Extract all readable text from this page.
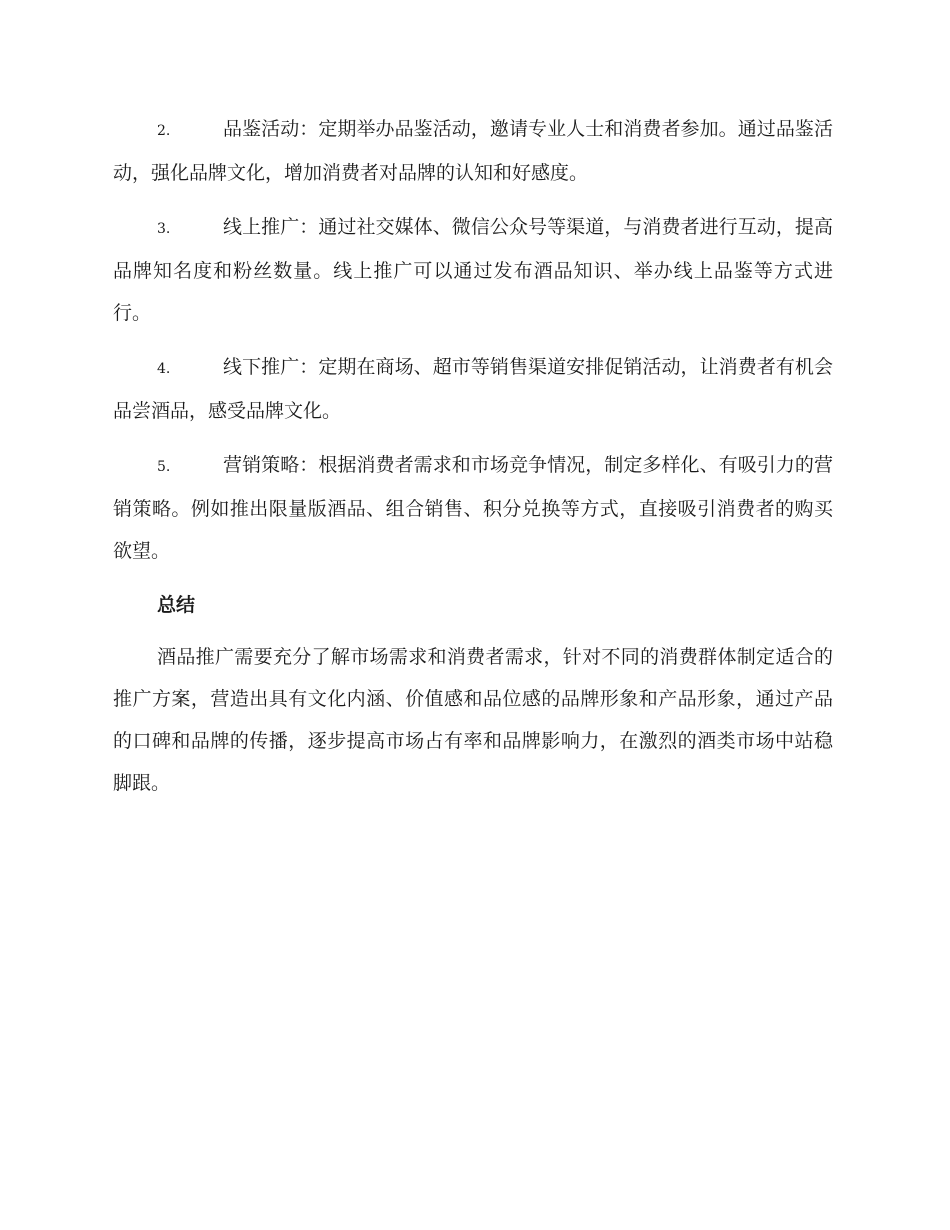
2.	品鉴活动：定期举办品鉴活动，邀请专业人士和消费者参加。通过品鉴活动，强化品牌文化，增加消费者对品牌的认知和好感度。

3.	线上推广：通过社交媒体、微信公众号等渠道，与消费者进行互动，提高品牌知名度和粉丝数量。线上推广可以通过发布酒品知识、举办线上品鉴等方式进行。

4.	线下推广：定期在商场、超市等销售渠道安排促销活动，让消费者有机会品尝酒品，感受品牌文化。

5.	营销策略：根据消费者需求和市场竞争情况，制定多样化、有吸引力的营销策略。例如推出限量版酒品、组合销售、积分兑换等方式，直接吸引消费者的购买欲望。

总结

酒品推广需要充分了解市场需求和消费者需求，针对不同的消费群体制定适合的推广方案，营造出具有文化内涵、价值感和品位感的品牌形象和产品形象，通过产品的口碑和品牌的传播，逐步提高市场占有率和品牌影响力，在激烈的酒类市场中站稳脚跟。
